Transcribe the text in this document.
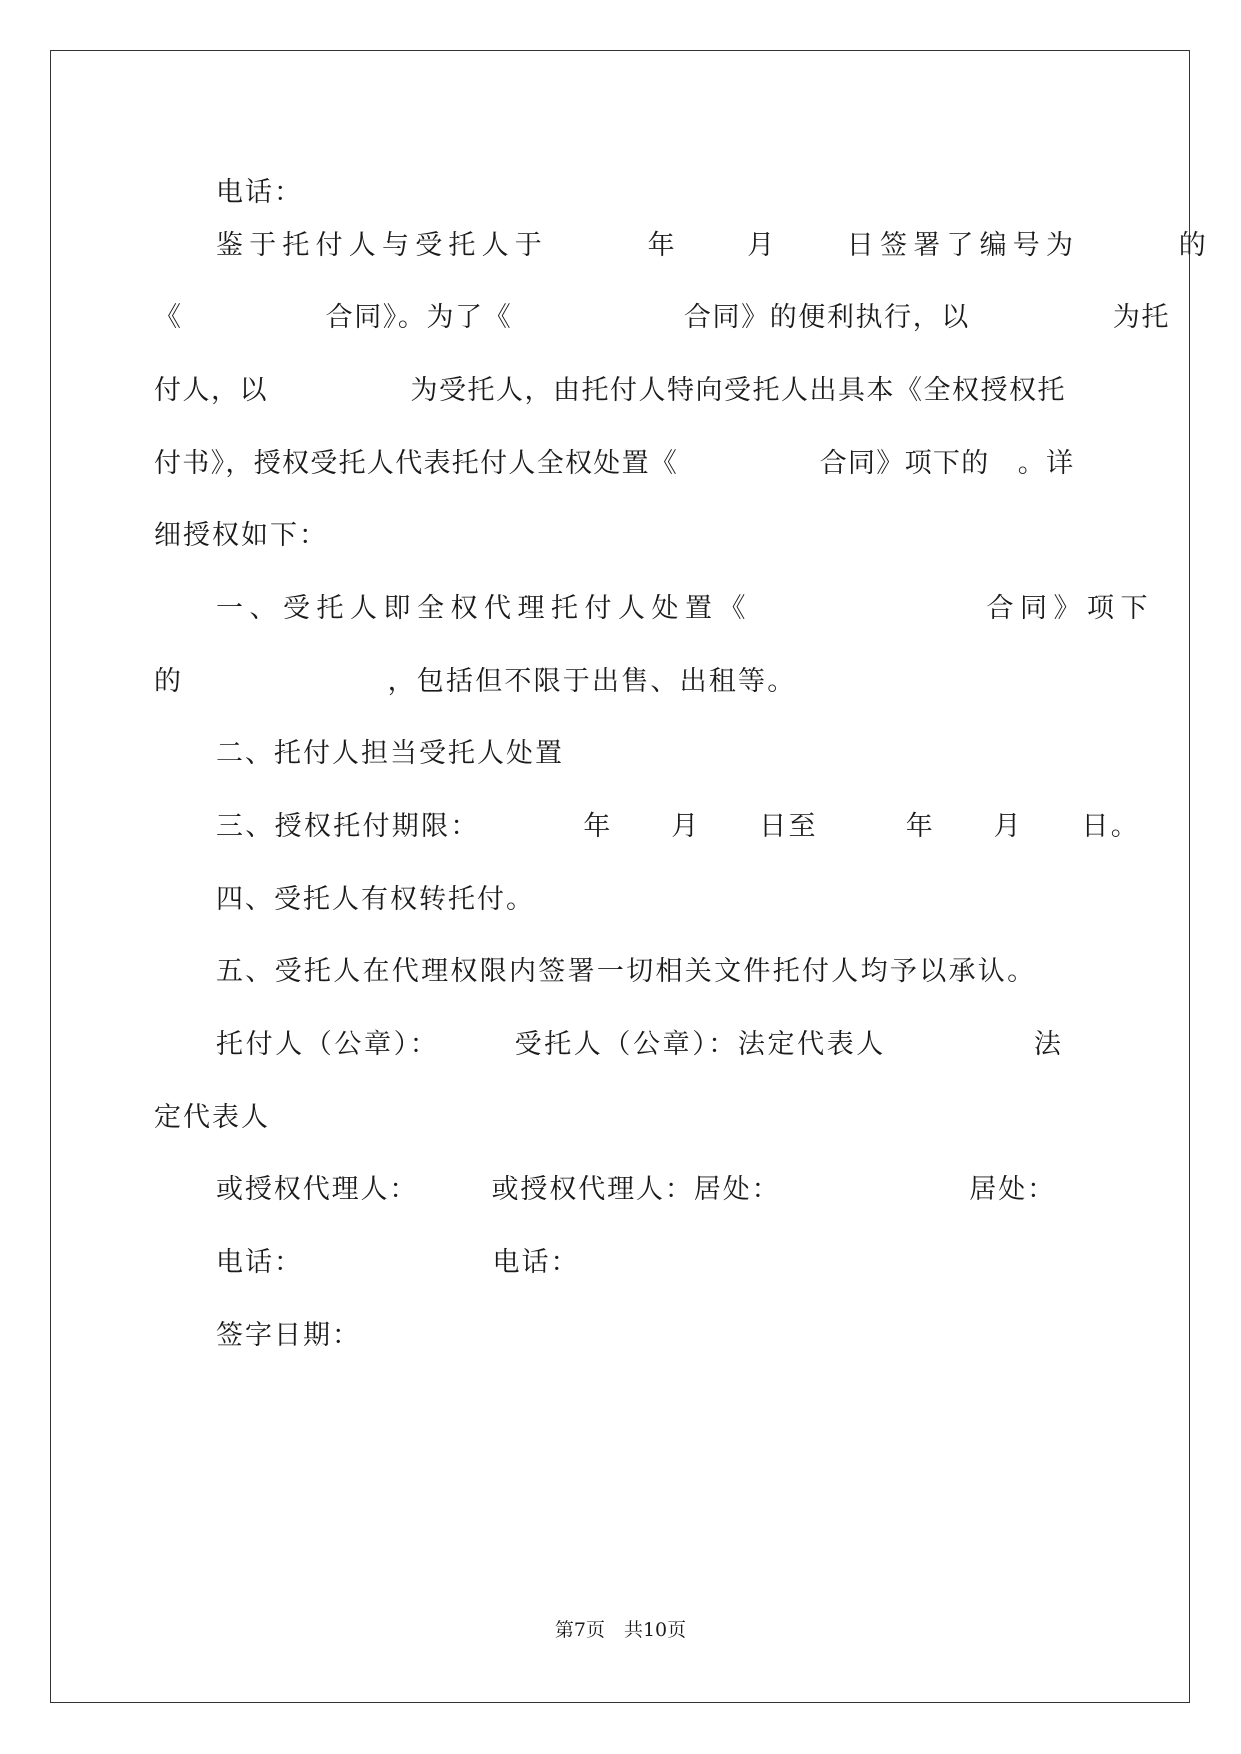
电话：
鉴于托付人与受托人于　　　年　　月　　日签署了编号为　　　的
《　　　　　合同》。为了《　　　　　　合同》的便利执行，以　　　　　为托
付人，以　　　　　为受托人，由托付人特向受托人出具本《全权授权托
付书》，授权受托人代表托付人全权处置《　　　　　合同》项下的　。详
细授权如下：
一、受托人即全权代理托付人处置《　　　　　　　合同》项下
的　　　　　　　，包括但不限于出售、出租等。
二、托付人担当受托人处置
三、授权托付期限：　　　　年　　月　　日至　　　年　　月　　日。
四、受托人有权转托付。
五、受托人在代理权限内签署一切相关文件托付人均予以承认。
托付人（公章）：　　　受托人（公章）：法定代表人　　　　　法
定代表人
或授权代理人：　　　或授权代理人：居处：　　　　　　　居处：
电话：　　　　　　　电话：
签字日期：
第7页　共10页
